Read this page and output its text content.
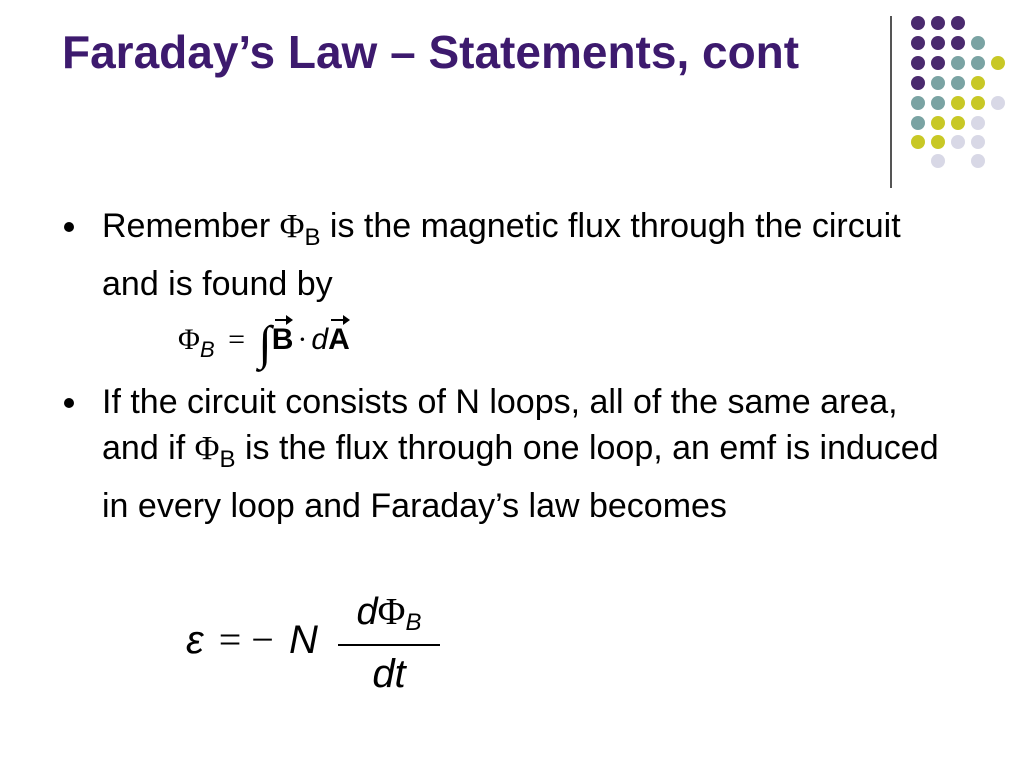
Faraday’s Law – Statements, cont

Remember $\Phi_B$ is the magnetic flux through the circuit and is found by

$\Phi_B = \int B$ · dA

If the circuit consists of N loops, all of the same area, and if $\Phi_B$ is the flux through one loop, an emf is induced in every loop and Faraday’s law becomes

ε = − N
dΦB
dt
